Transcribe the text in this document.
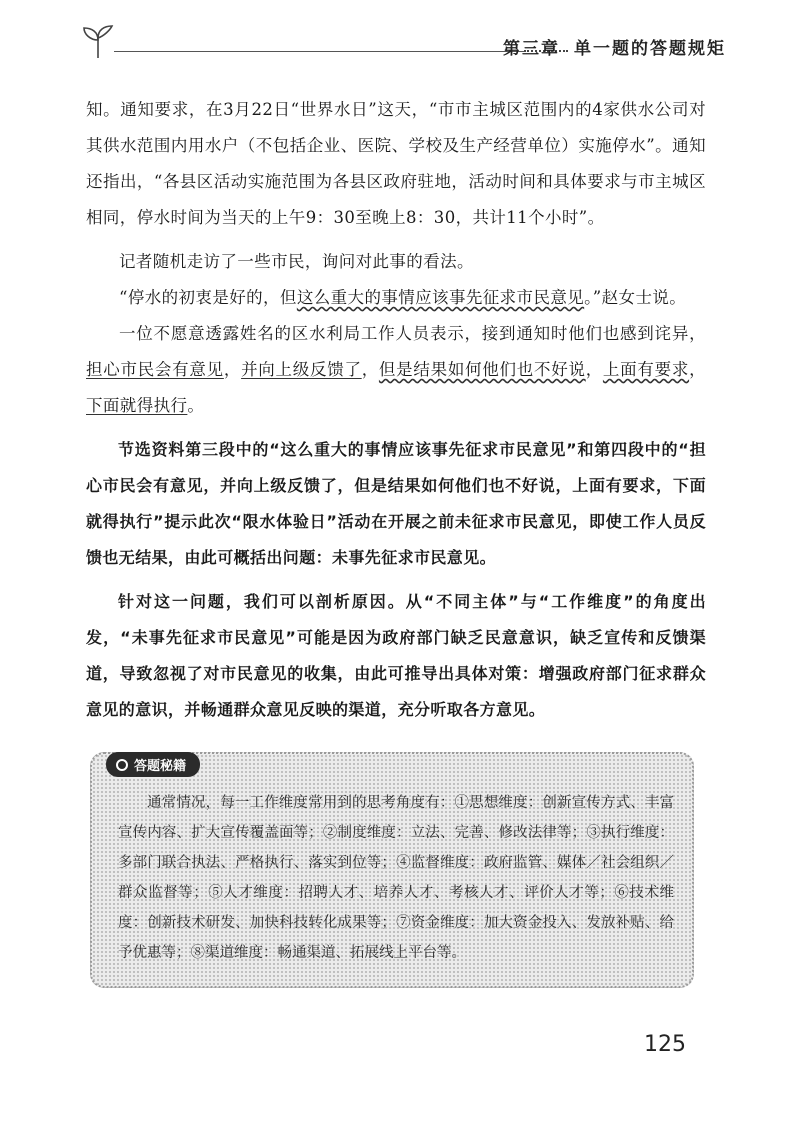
第三章 单一题的答题规矩

知。通知要求，在3月22日“世界水日”这天，“市市主城区范围内的4家供水公司对其供水范围内用水户（不包括企业、医院、学校及生产经营单位）实施停水”。通知还指出，“各县区活动实施范围为各县区政府驻地，活动时间和具体要求与市主城区相同，停水时间为当天的上午9：30至晚上8：30，共计11个小时”。

记者随机走访了一些市民，询问对此事的看法。

“停水的初衷是好的，但这么重大的事情应该事先征求市民意见。”赵女士说。

一位不愿意透露姓名的区水利局工作人员表示，接到通知时他们也感到诧异，担心市民会有意见，并向上级反馈了，但是结果如何他们也不好说，上面有要求，下面就得执行。

节选资料第三段中的“这么重大的事情应该事先征求市民意见”和第四段中的“担心市民会有意见，并向上级反馈了，但是结果如何他们也不好说，上面有要求，下面就得执行”提示此次“限水体验日”活动在开展之前未征求市民意见，即使工作人员反馈也无结果，由此可概括出问题：未事先征求市民意见。

针对这一问题，我们可以剖析原因。从“不同主体”与“工作维度”的角度出发，“未事先征求市民意见”可能是因为政府部门缺乏民意意识，缺乏宣传和反馈渠道，导致忽视了对市民意见的收集，由此可推导出具体对策：增强政府部门征求群众意见的意识，并畅通群众意见反映的渠道，充分听取各方意见。

答题秘籍

通常情况，每一工作维度常用到的思考角度有：①思想维度：创新宣传方式、丰富宣传内容、扩大宣传覆盖面等；②制度维度：立法、完善、修改法律等；③执行维度：多部门联合执法、严格执行、落实到位等；④监督维度：政府监管、媒体／社会组织／群众监督等；⑤人才维度：招聘人才、培养人才、考核人才、评价人才等；⑥技术维度：创新技术研发、加快科技转化成果等；⑦资金维度：加大资金投入、发放补贴、给予优惠等；⑧渠道维度：畅通渠道、拓展线上平台等。

125
